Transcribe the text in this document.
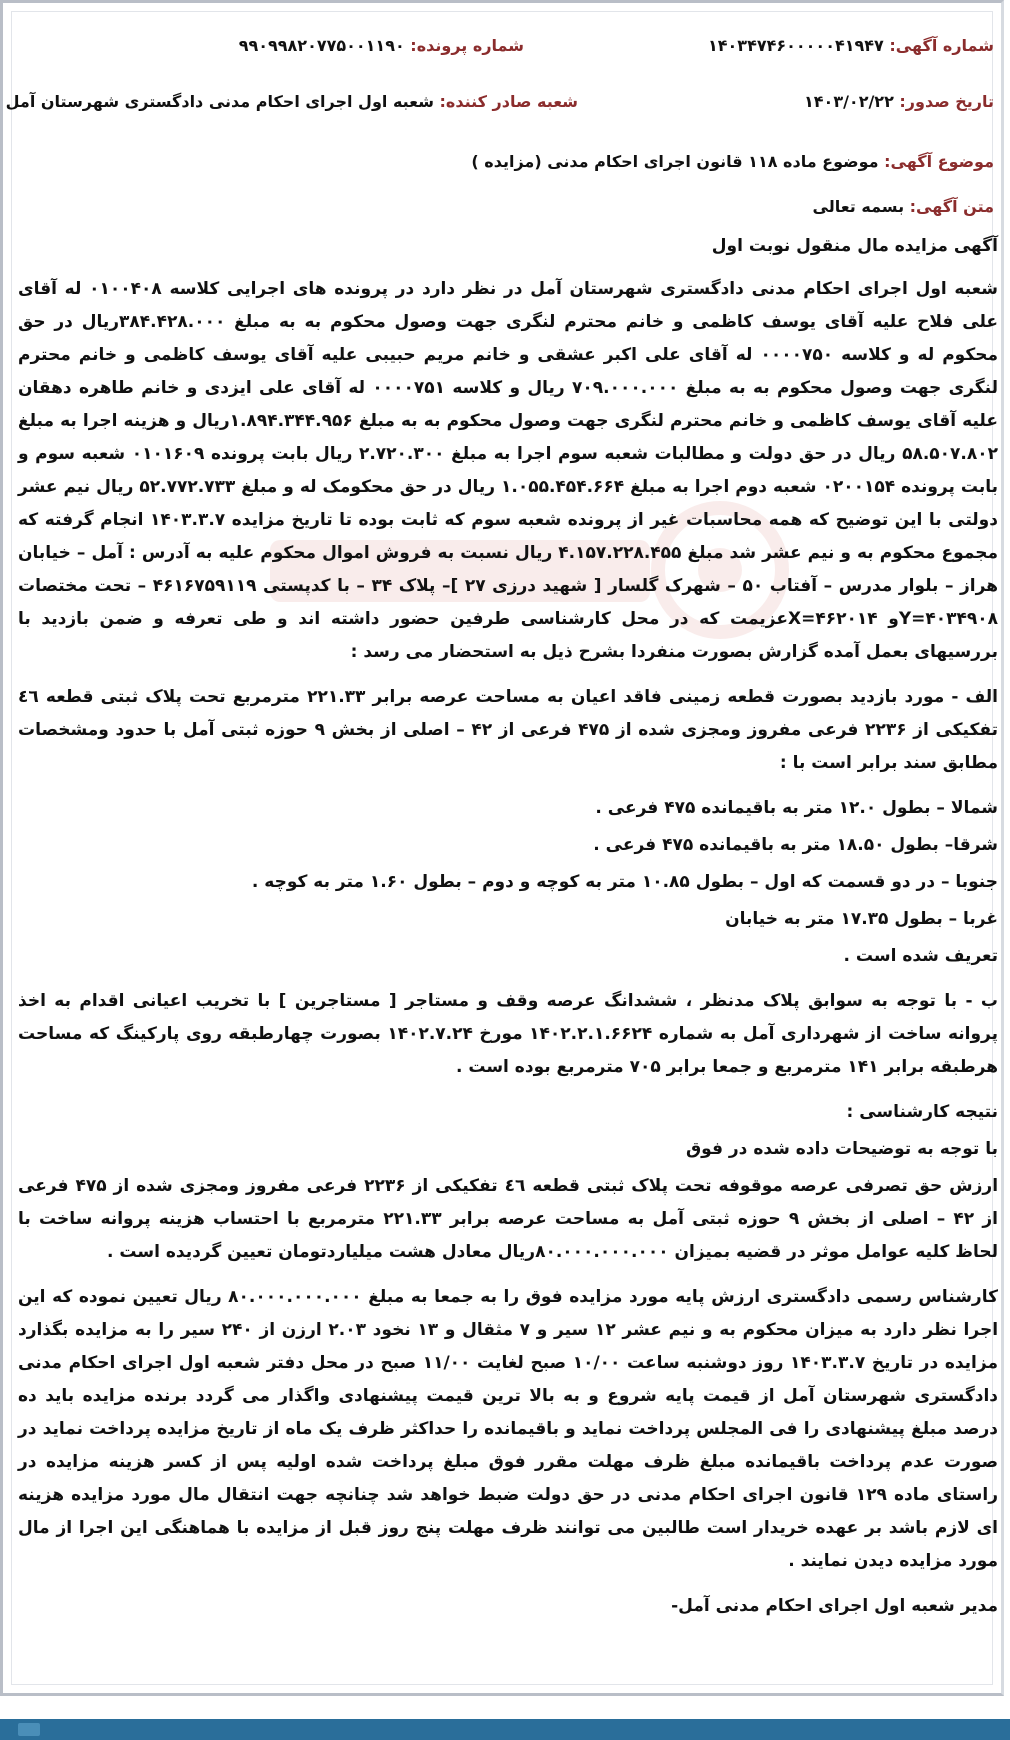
شماره آگهی: ۱۴۰۳۴۷۴۶۰۰۰۰۰۴۱۹۴۷
شماره پرونده: ۹۹۰۹۹۸۲۰۷۷۵۰۰۱۱۹۰
تاریخ صدور: ۱۴۰۳/۰۲/۲۲
شعبه صادر کننده: شعبه اول اجرای احکام مدنی دادگستری شهرستان آمل
موضوع آگهی: موضوع ماده ۱۱۸ قانون اجرای احکام مدنی (مزایده )
متن آگهی: بسمه تعالی

آگهی مزایده مال منقول نوبت اول

شعبه اول اجرای احکام مدنی دادگستری شهرستان آمل در نظر دارد در پرونده های اجرایی کلاسه ۰۱۰۰۴۰۸ له آقای علی فلاح علیه آقای یوسف کاظمی و خانم محترم لنگری جهت وصول محکوم به به مبلغ ۳۸۴.۴۲۸.۰۰۰ریال در حق محکوم له و کلاسه ۰۰۰۰۷۵۰ له آقای علی اکبر عشقی و خانم مریم حبیبی علیه آقای یوسف کاظمی و خانم محترم لنگری جهت وصول محکوم به به مبلغ ۷۰۹.۰۰۰.۰۰۰ ریال و کلاسه ۰۰۰۰۷۵۱ له آقای علی ایزدی و خانم طاهره دهقان علیه آقای یوسف کاظمی و خانم محترم لنگری جهت وصول محکوم به به مبلغ ۱.۸۹۴.۳۴۴.۹۵۶ریال و هزینه اجرا به مبلغ ۵۸.۵۰۷.۸۰۲ ریال در حق دولت و مطالبات شعبه سوم اجرا به مبلغ ۲.۷۲۰.۳۰۰ ریال بابت پرونده ۰۱۰۱۶۰۹ شعبه سوم و بابت پرونده ۰۲۰۰۱۵۴ شعبه دوم اجرا به مبلغ ۱.۰۵۵.۴۵۴.۶۶۴ ریال در حق محکومک له و مبلغ ۵۲.۷۷۲.۷۳۳ ریال نیم عشر دولتی با این توضیح که همه محاسبات غیر از پرونده شعبه سوم که ثابت بوده تا تاریخ مزایده ۱۴۰۳.۳.۷ انجام گرفته که مجموع محکوم به و نیم عشر شد مبلغ ۴.۱۵۷.۲۲۸.۴۵۵ ریال نسبت به فروش اموال محکوم علیه به آدرس : آمل – خیابان هراز – بلوار مدرس – آفتاب ۵۰ – شهرک گلسار [ شهید درزی ۲۷ ]– پلاک ۳۴ – با کدپستی ۴۶۱۶۷۵۹۱۱۹ – تحت مختصات Y=۴۰۳۴۹۰۸و X=۴۶۲۰۱۴عزیمت که در محل کارشناسی طرفین حضور داشته اند و طی تعرفه و ضمن بازدید با بررسیهای بعمل آمده گزارش بصورت منفردا بشرح ذیل به استحضار می رسد :

الف - مورد بازدید بصورت قطعه زمینی فاقد اعیان به مساحت عرصه برابر ۲۲۱.۳۳ مترمربع تحت پلاک ثبتی قطعه ٤٦ تفکیکی از ۲۲۳۶ فرعی مفروز ومجزی شده از ۴۷۵ فرعی از ۴۲ – اصلی از بخش ۹ حوزه ثبتی آمل با حدود ومشخصات مطابق سند برابر است با :

شمالا – بطول ۱۲.۰ متر به باقیمانده ۴۷۵ فرعی .

شرقا– بطول ۱۸.۵۰ متر به باقیمانده ۴۷۵ فرعی .

جنوبا – در دو قسمت که اول – بطول ۱۰.۸۵ متر به کوچه و دوم – بطول ۱.۶۰ متر به کوچه .

غربا – بطول ۱۷.۳۵ متر به خیابان

تعریف شده است .

ب - با توجه به سوابق پلاک مدنظر ، ششدانگ عرصه وقف و مستاجر [ مستاجرین ] با تخریب اعیانی اقدام به اخذ پروانه ساخت از شهرداری آمل به شماره ۱۴۰۲.۲.۱.۶۶۲۴ مورخ ۱۴۰۲.۷.۲۴ بصورت چهارطبقه روی پارکینگ که مساحت هرطبقه برابر ۱۴۱ مترمربع و جمعا برابر ۷۰۵ مترمربع بوده است .

نتیجه کارشناسی :

با توجه به توضیحات داده شده در فوق

ارزش حق تصرفی عرصه موقوفه تحت پلاک ثبتی قطعه ٤٦ تفکیکی از ۲۲۳۶ فرعی مفروز ومجزی شده از ۴۷۵ فرعی از ۴۲ – اصلی از بخش ۹ حوزه ثبتی آمل به مساحت عرصه برابر ۲۲۱.۳۳ مترمربع با احتساب هزینه پروانه ساخت با لحاظ کلیه عوامل موثر در قضیه بمیزان ۸۰.۰۰۰.۰۰۰.۰۰۰ریال معادل هشت میلیاردتومان تعیین گردیده است .

کارشناس رسمی دادگستری ارزش پایه مورد مزایده فوق را به جمعا به مبلغ ۸۰.۰۰۰.۰۰۰.۰۰۰ ریال تعیین نموده که این اجرا نظر دارد به میزان محکوم به و نیم عشر ۱۲ سیر و ۷ مثقال و ۱۳ نخود ۲.۰۳ ارزن از ۲۴۰ سیر را به مزایده بگذارد مزایده در تاریخ ۱۴۰۳.۳.۷ روز دوشنبه ساعت ۱۰/۰۰ صبح لغایت ۱۱/۰۰ صبح در محل دفتر شعبه اول اجرای احکام مدنی دادگستری شهرستان آمل از قیمت پایه شروع و به بالا ترین قیمت پیشنهادی واگذار می گردد برنده مزایده باید ده درصد مبلغ پیشنهادی را فی المجلس پرداخت نماید و باقیمانده را حداکثر ظرف یک ماه از تاریخ مزایده پرداخت نماید در صورت عدم پرداخت باقیمانده مبلغ ظرف مهلت مقرر فوق مبلغ پرداخت شده اولیه پس از کسر هزینه مزایده در راستای ماده ۱۲۹ قانون اجرای احکام مدنی در حق دولت ضبط خواهد شد چنانچه جهت انتقال مال مورد مزایده هزینه ای لازم باشد بر عهده خریدار است طالبین می توانند ظرف مهلت پنج روز قبل از مزایده با هماهنگی این اجرا از مال مورد مزایده دیدن نمایند .

مدیر شعبه اول اجرای احکام مدنی آمل-
